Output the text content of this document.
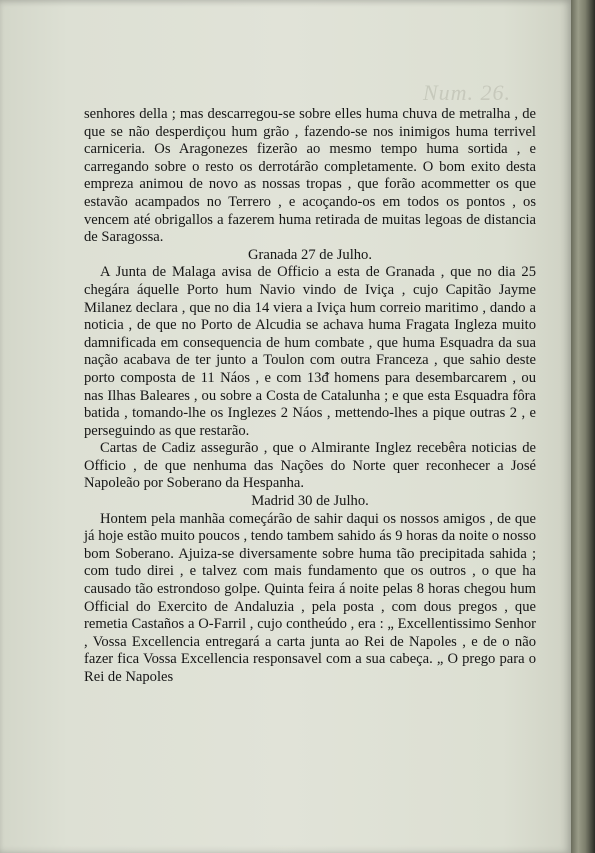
Num. 26.

senhores della ; mas descarregou-se sobre elles huma chuva de metralha , de que se não desperdiçou hum grão , fazendo-se nos inimigos huma terrivel carniceria. Os Aragonezes fizerão ao mesmo tempo huma sortida , e carregando sobre o resto os derrotárão completamente. O bom exito desta empreza animou de novo as nossas tropas , que forão acommetter os que estavão acampados no Terrero , e acoçando-os em todos os pontos , os vencem até obrigallos a fazerem huma retirada de muitas legoas de distancia de Saragossa.

Granada 27 de Julho.

A Junta de Malaga avisa de Officio a esta de Granada , que no dia 25 chegára áquelle Porto hum Navio vindo de Iviça , cujo Capitão Jayme Milanez declara , que no dia 14 viera a Iviça hum correio maritimo , dando a noticia , de que no Porto de Alcudia se achava huma Fragata Ingleza muito damnificada em consequencia de hum combate , que huma Esquadra da sua nação acabava de ter junto a Toulon com outra Franceza , que sahio deste porto composta de 11 Náos , e com 13ᵭ homens para desembarcarem , ou nas Ilhas Baleares , ou sobre a Costa de Catalunha ; e que esta Esquadra fôra batida , tomando-lhe os Inglezes 2 Náos , mettendo-lhes a pique outras 2 , e perseguindo as que restarão.

Cartas de Cadiz assegurão , que o Almirante Inglez recebêra noticias de Officio , de que nenhuma das Nações do Norte quer reconhecer a José Napoleão por Soberano da Hespanha.

Madrid 30 de Julho.

Hontem pela manhãa começárão de sahir daqui os nossos amigos , de que já hoje estão muito poucos , tendo tambem sahido ás 9 horas da noite o nosso bom Soberano. Ajuiza-se diversamente sobre huma tão precipitada sahida ; com tudo direi , e talvez com mais fundamento que os outros , o que ha causado tão estrondoso golpe. Quinta feira á noite pelas 8 horas chegou hum Official do Exercito de Andaluzia , pela posta , com dous pregos , que remetia Castaños a O-Farril , cujo contheúdo , era : „ Excellentissimo Senhor , Vossa Excellencia entregará a carta junta ao Rei de Napoles , e de o não fazer fica Vossa Excellencia responsavel com a sua cabeça. „ O prego para o Rei de Napoles
